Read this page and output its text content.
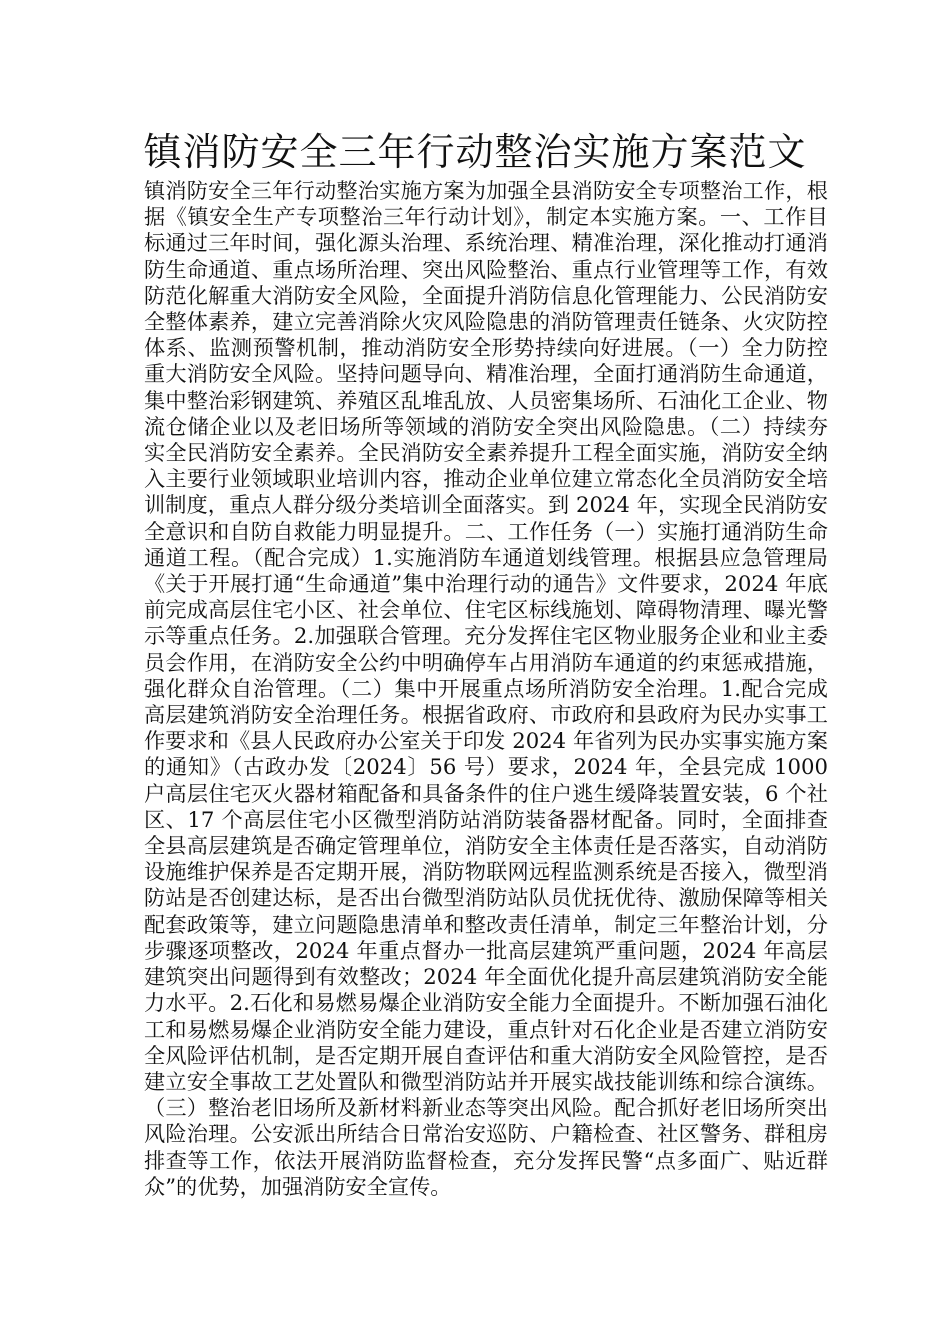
镇消防安全三年行动整治实施方案范文

镇消防安全三年行动整治实施方案为加强全县消防安全专项整治工作，根据《镇安全生产专项整治三年行动计划》，制定本实施方案。一、工作目标通过三年时间，强化源头治理、系统治理、精准治理，深化推动打通消防生命通道、重点场所治理、突出风险整治、重点行业管理等工作，有效防范化解重大消防安全风险，全面提升消防信息化管理能力、公民消防安全整体素养，建立完善消除火灾风险隐患的消防管理责任链条、火灾防控体系、监测预警机制，推动消防安全形势持续向好进展。（一）全力防控重大消防安全风险。坚持问题导向、精准治理，全面打通消防生命通道，集中整治彩钢建筑、养殖区乱堆乱放、人员密集场所、石油化工企业、物流仓储企业以及老旧场所等领域的消防安全突出风险隐患。（二）持续夯实全民消防安全素养。全民消防安全素养提升工程全面实施，消防安全纳入主要行业领域职业培训内容，推动企业单位建立常态化全员消防安全培训制度，重点人群分级分类培训全面落实。到 2024 年，实现全民消防安全意识和自防自救能力明显提升。二、工作任务（一）实施打通消防生命通道工程。（配合完成）1.实施消防车通道划线管理。根据县应急管理局《关于开展打通“生命通道”集中治理行动的通告》文件要求，2024 年底前完成高层住宅小区、社会单位、住宅区标线施划、障碍物清理、曝光警示等重点任务。2.加强联合管理。充分发挥住宅区物业服务企业和业主委员会作用，在消防安全公约中明确停车占用消防车通道的约束惩戒措施，强化群众自治管理。（二）集中开展重点场所消防安全治理。1.配合完成高层建筑消防安全治理任务。根据省政府、市政府和县政府为民办实事工作要求和《县人民政府办公室关于印发 2024 年省列为民办实事实施方案的通知》（古政办发〔2024〕56 号）要求，2024 年，全县完成 1000 户高层住宅灭火器材箱配备和具备条件的住户逃生缓降装置安装，6 个社区、17 个高层住宅小区微型消防站消防装备器材配备。同时，全面排查全县高层建筑是否确定管理单位，消防安全主体责任是否落实，自动消防设施维护保养是否定期开展，消防物联网远程监测系统是否接入，微型消防站是否创建达标，是否出台微型消防站队员优抚优待、激励保障等相关配套政策等，建立问题隐患清单和整改责任清单，制定三年整治计划，分步骤逐项整改，2024 年重点督办一批高层建筑严重问题，2024 年高层建筑突出问题得到有效整改；2024 年全面优化提升高层建筑消防安全能力水平。2.石化和易燃易爆企业消防安全能力全面提升。不断加强石油化工和易燃易爆企业消防安全能力建设，重点针对石化企业是否建立消防安全风险评估机制，是否定期开展自查评估和重大消防安全风险管控，是否建立安全事故工艺处置队和微型消防站并开展实战技能训练和综合演练。（三）整治老旧场所及新材料新业态等突出风险。配合抓好老旧场所突出风险治理。公安派出所结合日常治安巡防、户籍检查、社区警务、群租房排查等工作，依法开展消防监督检查，充分发挥民警“点多面广、贴近群众”的优势，加强消防安全宣传。
